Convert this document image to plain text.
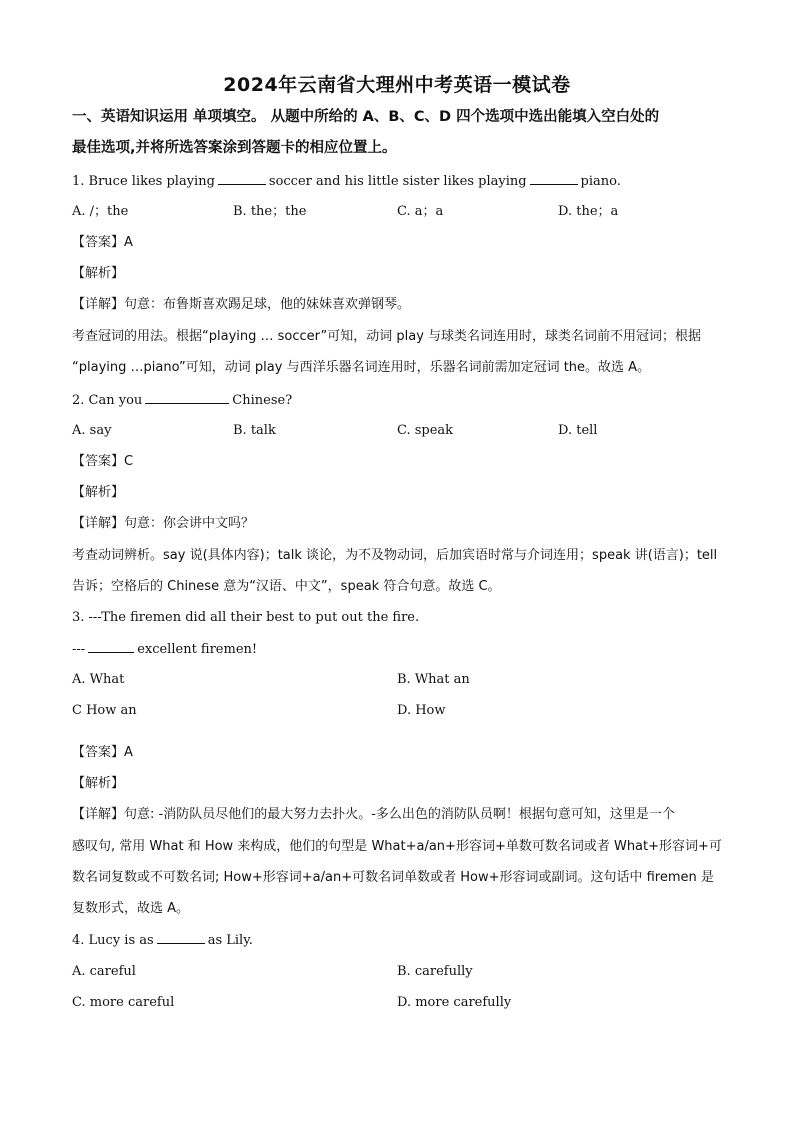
2024年云南省大理州中考英语一模试卷
一、英语知识运用 单项填空。 从题中所给的 A、B、C、D 四个选项中选出能填入空白处的
最佳选项,并将所选答案涂到答题卡的相应位置上。
1. Bruce likes playing	soccer and his little sister likes playing	piano.
A. /；the	B. the；the	C. a；a	D. the；a
【答案】A
【解析】
【详解】句意：布鲁斯喜欢踢足球，他的妹妹喜欢弹钢琴。
考查冠词的用法。根据“playing … soccer”可知，动词 play 与球类名词连用时，球类名词前不用冠词；根据
“playing …piano”可知，动词 play 与西洋乐器名词连用时，乐器名词前需加定冠词 the。故选 A。
2. Can you	Chinese?
A. say	B. talk	C. speak	D. tell
【答案】C
【解析】
【详解】句意：你会讲中文吗？
考查动词辨析。say 说(具体内容)；talk 谈论，为不及物动词，后加宾语时常与介词连用；speak 讲(语言)；tell
告诉；空格后的 Chinese 意为“汉语、中文”，speak 符合句意。故选 C。
3. ---The firemen did all their best to put out the fire.
---	excellent firemen!
A. What	B. What an
C How an	D. How
【答案】A
【解析】
【详解】句意: -消防队员尽他们的最大努力去扑火。-多么出色的消防队员啊！根据句意可知，这里是一个
感叹句, 常用 What 和 How 来构成，他们的句型是 What+a/an+形容词+单数可数名词或者 What+形容词+可
数名词复数或不可数名词; How+形容词+a/an+可数名词单数或者 How+形容词或副词。这句话中 firemen 是
复数形式，故选 A。
4. Lucy is as	as Lily.
A. careful	B. carefully
C. more careful	D. more carefully
